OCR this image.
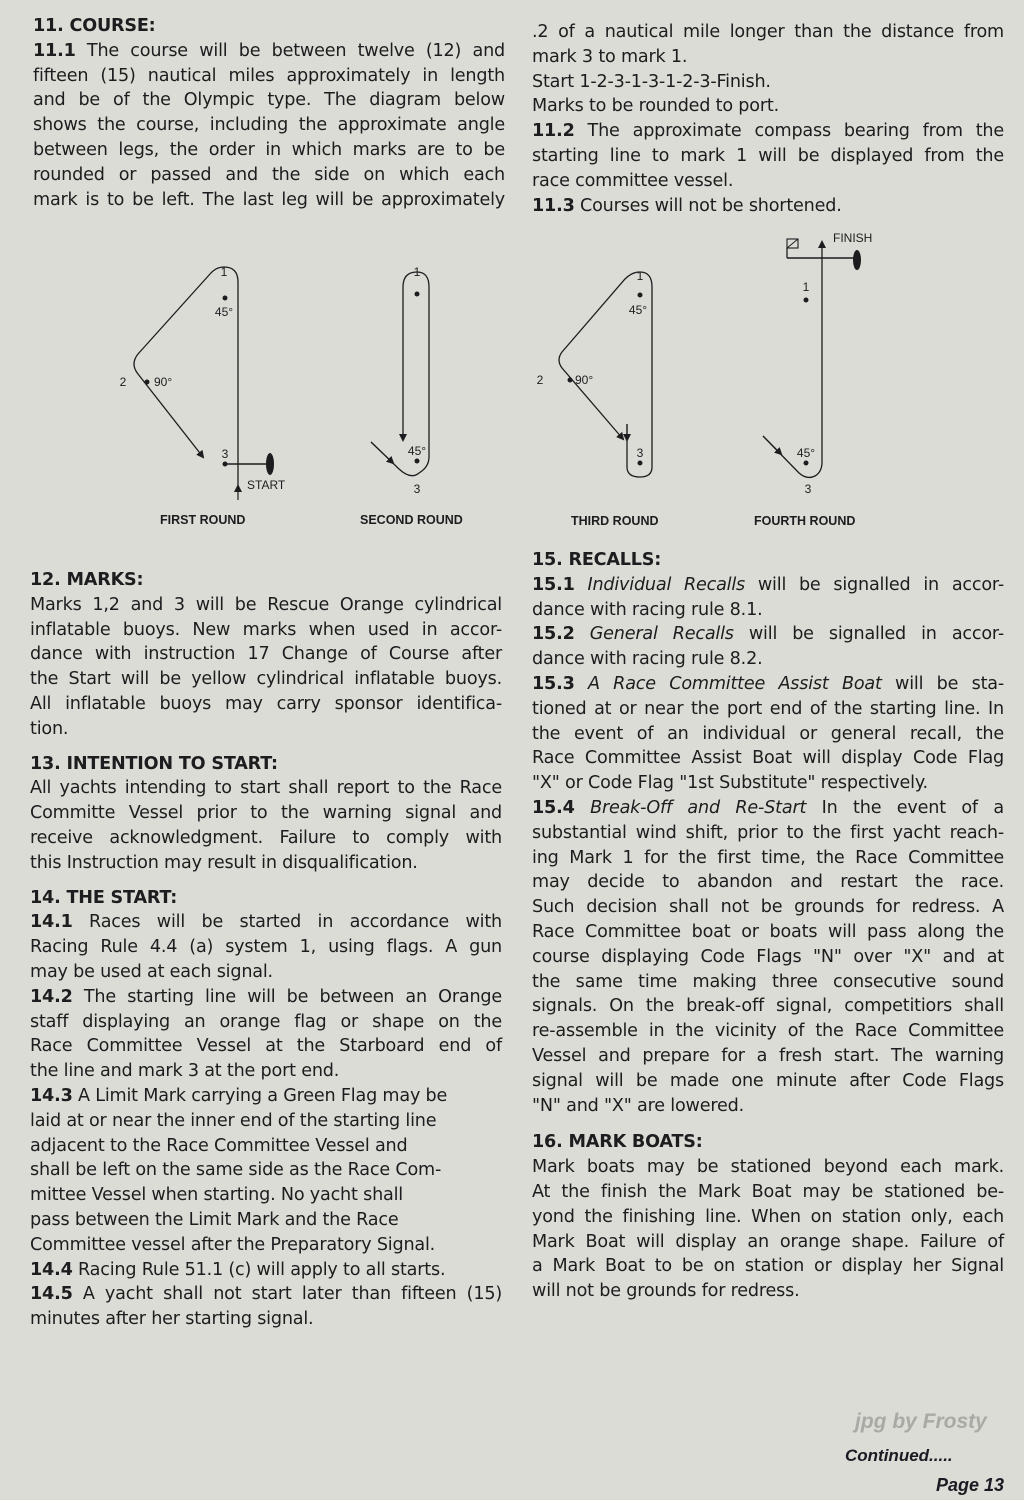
11. COURSE:
11.1 The course will be between twelve (12) and
fifteen (15) nautical miles approximately in length
and be of the Olympic type. The diagram below
shows the course, including the approximate angle
between legs, the order in which marks are to be
rounded or passed and the side on which each
mark is to be left. The last leg will be approximately
.2 of a nautical mile longer than the distance from
mark 3 to mark 1.
Start 1-2-3-1-3-1-2-3-Finish.
Marks to be rounded to port.
11.2 The approximate compass bearing from the
starting line to mark 1 will be displayed from the
race committee vessel.
11.3 Courses will not be shortened.
1
45°
2 90°
3
START
FIRST ROUND
1
45°
3
SECOND ROUND
1
45°
2	90°
3
THIRD ROUND
FINISH
1
45°
3
FOURTH ROUND
12. MARKS:
Marks 1,2 and 3 will be Rescue Orange cylindrical
inflatable buoys. New marks when used in accor-
dance with instruction 17 Change of Course after
the Start will be yellow cylindrical inflatable buoys.
All inflatable buoys may carry sponsor identifica-
tion.
13. INTENTION TO START:
All yachts intending to start shall report to the Race
Committe Vessel prior to the warning signal and
receive acknowledgment. Failure to comply with
this Instruction may result in disqualification.
14. THE START:
14.1 Races will be started in accordance with
Racing Rule 4.4 (a) system 1, using flags. A gun
may be used at each signal.
14.2 The starting line will be between an Orange
staff displaying an orange flag or shape on the
Race Committee Vessel at the Starboard end of
the line and mark 3 at the port end.
14.3 A Limit Mark carrying a Green Flag may be
laid at or near the inner end of the starting line
adjacent to the Race Committee Vessel and
shall be left on the same side as the Race Com-
mittee Vessel when starting. No yacht shall
pass between the Limit Mark and the Race
Committee vessel after the Preparatory Signal.
14.4 Racing Rule 51.1 (c) will apply to all starts.
14.5 A yacht shall not start later than fifteen (15)
minutes after her starting signal.
15. RECALLS:
15.1 Individual Recalls will be signalled in accor-
dance with racing rule 8.1.
15.2 General Recalls will be signalled in accor-
dance with racing rule 8.2.
15.3 A Race Committee Assist Boat will be sta-
tioned at or near the port end of the starting line. In
the event of an individual or general recall, the
Race Committee Assist Boat will display Code Flag
"X" or Code Flag "1st Substitute" respectively.
15.4 Break-Off and Re-Start In the event of a
substantial wind shift, prior to the first yacht reach-
ing Mark 1 for the first time, the Race Committee
may decide to abandon and restart the race.
Such decision shall not be grounds for redress. A
Race Committee boat or boats will pass along the
course displaying Code Flags "N" over "X" and at
the same time making three consecutive sound
signals. On the break-off signal, competitiors shall
re-assemble in the vicinity of the Race Committee
Vessel and prepare for a fresh start. The warning
signal will be made one minute after Code Flags
"N" and "X" are lowered.
16. MARK BOATS:
Mark boats may be stationed beyond each mark.
At the finish the Mark Boat may be stationed be-
yond the finishing line. When on station only, each
Mark Boat will display an orange shape. Failure of
a Mark Boat to be on station or display her Signal
will not be grounds for redress.
jpg by Frosty
Continued.....
Page 13
